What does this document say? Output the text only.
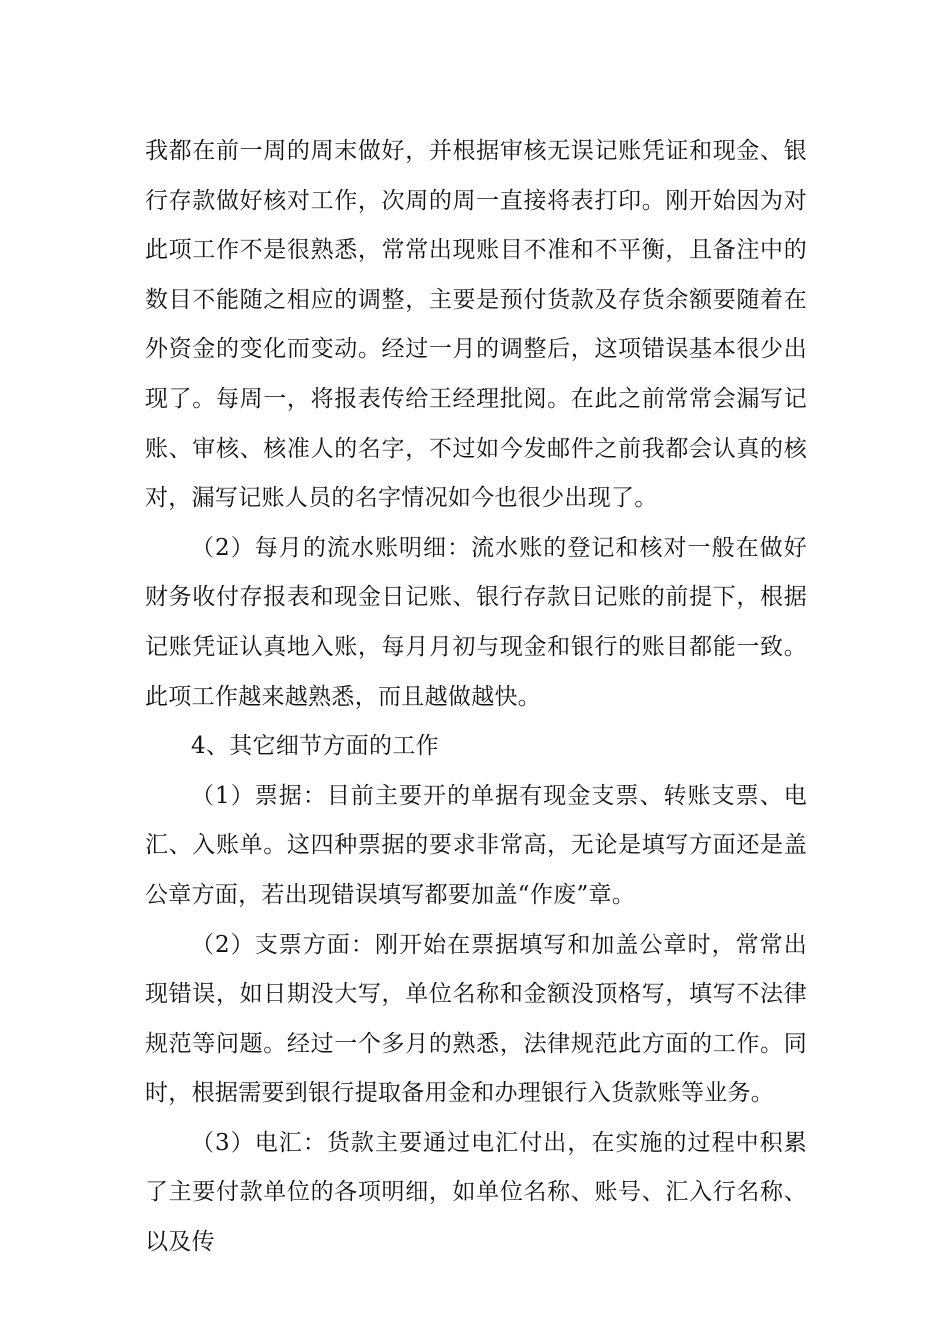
我都在前一周的周末做好，并根据审核无误记账凭证和现金、银行存款做好核对工作，次周的周一直接将表打印。刚开始因为对此项工作不是很熟悉，常常出现账目不准和不平衡，且备注中的数目不能随之相应的调整，主要是预付货款及存货余额要随着在外资金的变化而变动。经过一月的调整后，这项错误基本很少出现了。每周一，将报表传给王经理批阅。在此之前常常会漏写记账、审核、核准人的名字，不过如今发邮件之前我都会认真的核对，漏写记账人员的名字情况如今也很少出现了。

（2）每月的流水账明细：流水账的登记和核对一般在做好财务收付存报表和现金日记账、银行存款日记账的前提下，根据记账凭证认真地入账，每月月初与现金和银行的账目都能一致。此项工作越来越熟悉，而且越做越快。

4、其它细节方面的工作

（1）票据：目前主要开的单据有现金支票、转账支票、电汇、入账单。这四种票据的要求非常高，无论是填写方面还是盖公章方面，若出现错误填写都要加盖“作废”章。

（2）支票方面：刚开始在票据填写和加盖公章时，常常出现错误，如日期没大写，单位名称和金额没顶格写，填写不法律规范等问题。经过一个多月的熟悉，法律规范此方面的工作。同时，根据需要到银行提取备用金和办理银行入货款账等业务。

（3）电汇：货款主要通过电汇付出，在实施的过程中积累了主要付款单位的各项明细，如单位名称、账号、汇入行名称、以及传
